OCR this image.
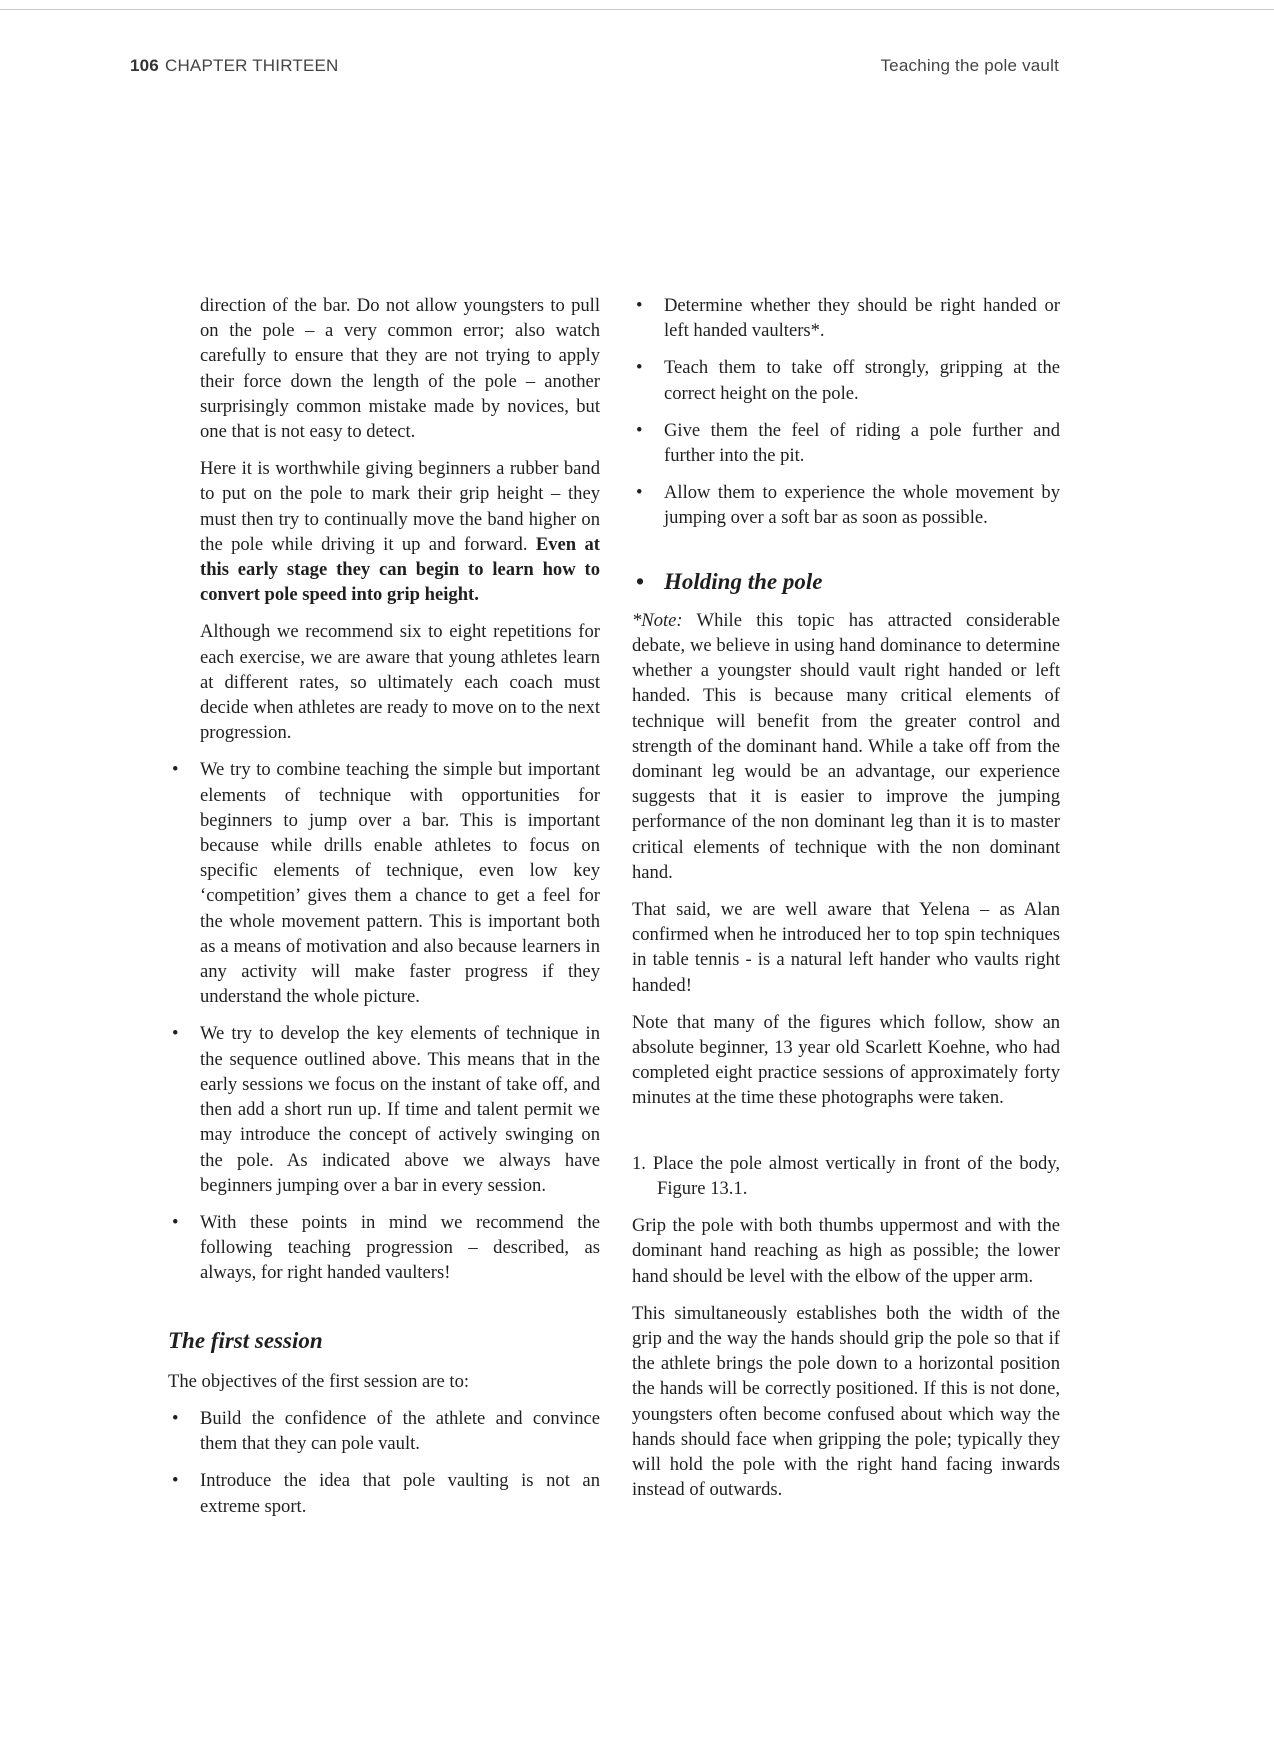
106 CHAPTER THIRTEEN	Teaching the pole vault

direction of the bar. Do not allow youngsters to pull on the pole – a very common error; also watch carefully to ensure that they are not trying to apply their force down the length of the pole – another surprisingly common mistake made by novices, but one that is not easy to detect.

Here it is worthwhile giving beginners a rubber band to put on the pole to mark their grip height – they must then try to continually move the band higher on the pole while driving it up and forward. Even at this early stage they can begin to learn how to convert pole speed into grip height.

Although we recommend six to eight repetitions for each exercise, we are aware that young athletes learn at different rates, so ultimately each coach must decide when athletes are ready to move on to the next progression.

• We try to combine teaching the simple but important elements of technique with opportunities for beginners to jump over a bar. This is important because while drills enable athletes to focus on specific elements of technique, even low key ‘competition’ gives them a chance to get a feel for the whole movement pattern. This is important both as a means of motivation and also because learners in any activity will make faster progress if they understand the whole picture.
• We try to develop the key elements of technique in the sequence outlined above. This means that in the early sessions we focus on the instant of take off, and then add a short run up. If time and talent permit we may introduce the concept of actively swinging on the pole. As indicated above we always have beginners jumping over a bar in every session.
• With these points in mind we recommend the following teaching progression – described, as always, for right handed vaulters!
The first session

The objectives of the first session are to:

• Build the confidence of the athlete and convince them that they can pole vault.
• Introduce the idea that pole vaulting is not an extreme sport.
• Determine whether they should be right handed or left handed vaulters*.
• Teach them to take off strongly, gripping at the correct height on the pole.
• Give them the feel of riding a pole further and further into the pit.
• Allow them to experience the whole movement by jumping over a soft bar as soon as possible.
• Holding the pole

*Note: While this topic has attracted considerable debate, we believe in using hand dominance to determine whether a youngster should vault right handed or left handed. This is because many critical elements of technique will benefit from the greater control and strength of the dominant hand. While a take off from the dominant leg would be an advantage, our experience suggests that it is easier to improve the jumping performance of the non dominant leg than it is to master critical elements of technique with the non dominant hand.

That said, we are well aware that Yelena – as Alan confirmed when he introduced her to top spin techniques in table tennis - is a natural left hander who vaults right handed!

Note that many of the figures which follow, show an absolute beginner, 13 year old Scarlett Koehne, who had completed eight practice sessions of approximately forty minutes at the time these photographs were taken.

1. Place the pole almost vertically in front of the body, Figure 13.1.

Grip the pole with both thumbs uppermost and with the dominant hand reaching as high as possible; the lower hand should be level with the elbow of the upper arm.

This simultaneously establishes both the width of the grip and the way the hands should grip the pole so that if the athlete brings the pole down to a horizontal position the hands will be correctly positioned. If this is not done, youngsters often become confused about which way the hands should face when gripping the pole; typically they will hold the pole with the right hand facing inwards instead of outwards.
